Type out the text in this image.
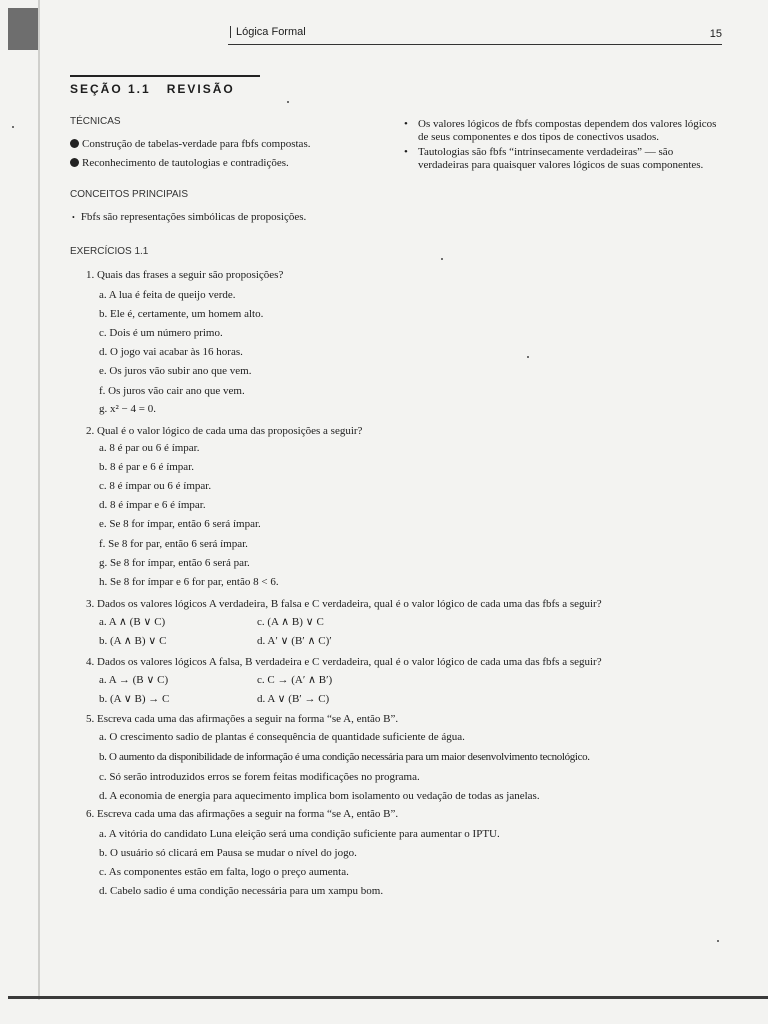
Lógica Formal	15
SEÇÃO 1.1   REVISÃO
TÉCNICAS
Construção de tabelas-verdade para fbfs compostas.
Reconhecimento de tautologias e contradições.
CONCEITOS PRINCIPAIS
• Fbfs são representações simbólicas de proposições.
• Os valores lógicos de fbfs compostas dependem dos valores lógicos de seus componentes e dos tipos de conectivos usados.
• Tautologias são fbfs “intrinsecamente verdadeiras” — são verdadeiras para quaisquer valores lógicos de suas componentes.
EXERCÍCIOS 1.1
1. Quais das frases a seguir são proposições?
a. A lua é feita de queijo verde.
b. Ele é, certamente, um homem alto.
c. Dois é um número primo.
d. O jogo vai acabar às 16 horas.
e. Os juros vão subir ano que vem.
f. Os juros vão cair ano que vem.
g. x² − 4 = 0.
2. Qual é o valor lógico de cada uma das proposições a seguir?
a. 8 é par ou 6 é ímpar.
b. 8 é par e 6 é ímpar.
c. 8 é ímpar ou 6 é ímpar.
d. 8 é ímpar e 6 é ímpar.
e. Se 8 for ímpar, então 6 será ímpar.
f. Se 8 for par, então 6 será ímpar.
g. Se 8 for ímpar, então 6 será par.
h. Se 8 for ímpar e 6 for par, então 8 < 6.
3. Dados os valores lógicos A verdadeira, B falsa e C verdadeira, qual é o valor lógico de cada uma das fbfs a seguir?
a. A ∧ (B ∨ C)	c. (A ∧ B) ∨ C
b. (A ∧ B) ∨ C	d. A′ ∨ (B′ ∧ C)′
4. Dados os valores lógicos A falsa, B verdadeira e C verdadeira, qual é o valor lógico de cada uma das fbfs a seguir?
a. A → (B ∨ C)	c. C → (A′ ∧ B′)
b. (A ∨ B) → C	d. A ∨ (B′ → C)
5. Escreva cada uma das afirmações a seguir na forma “se A, então B”.
a. O crescimento sadio de plantas é consequência de quantidade suficiente de água.
b. O aumento da disponibilidade de informação é uma condição necessária para um maior desenvolvimento tecnológico.
c. Só serão introduzidos erros se forem feitas modificações no programa.
d. A economia de energia para aquecimento implica bom isolamento ou vedação de todas as janelas.
6. Escreva cada uma das afirmações a seguir na forma “se A, então B”.
a. A vitória do candidato Luna eleição será uma condição suficiente para aumentar o IPTU.
b. O usuário só clicará em Pausa se mudar o nível do jogo.
c. As componentes estão em falta, logo o preço aumenta.
d. Cabelo sadio é uma condição necessária para um xampu bom.
